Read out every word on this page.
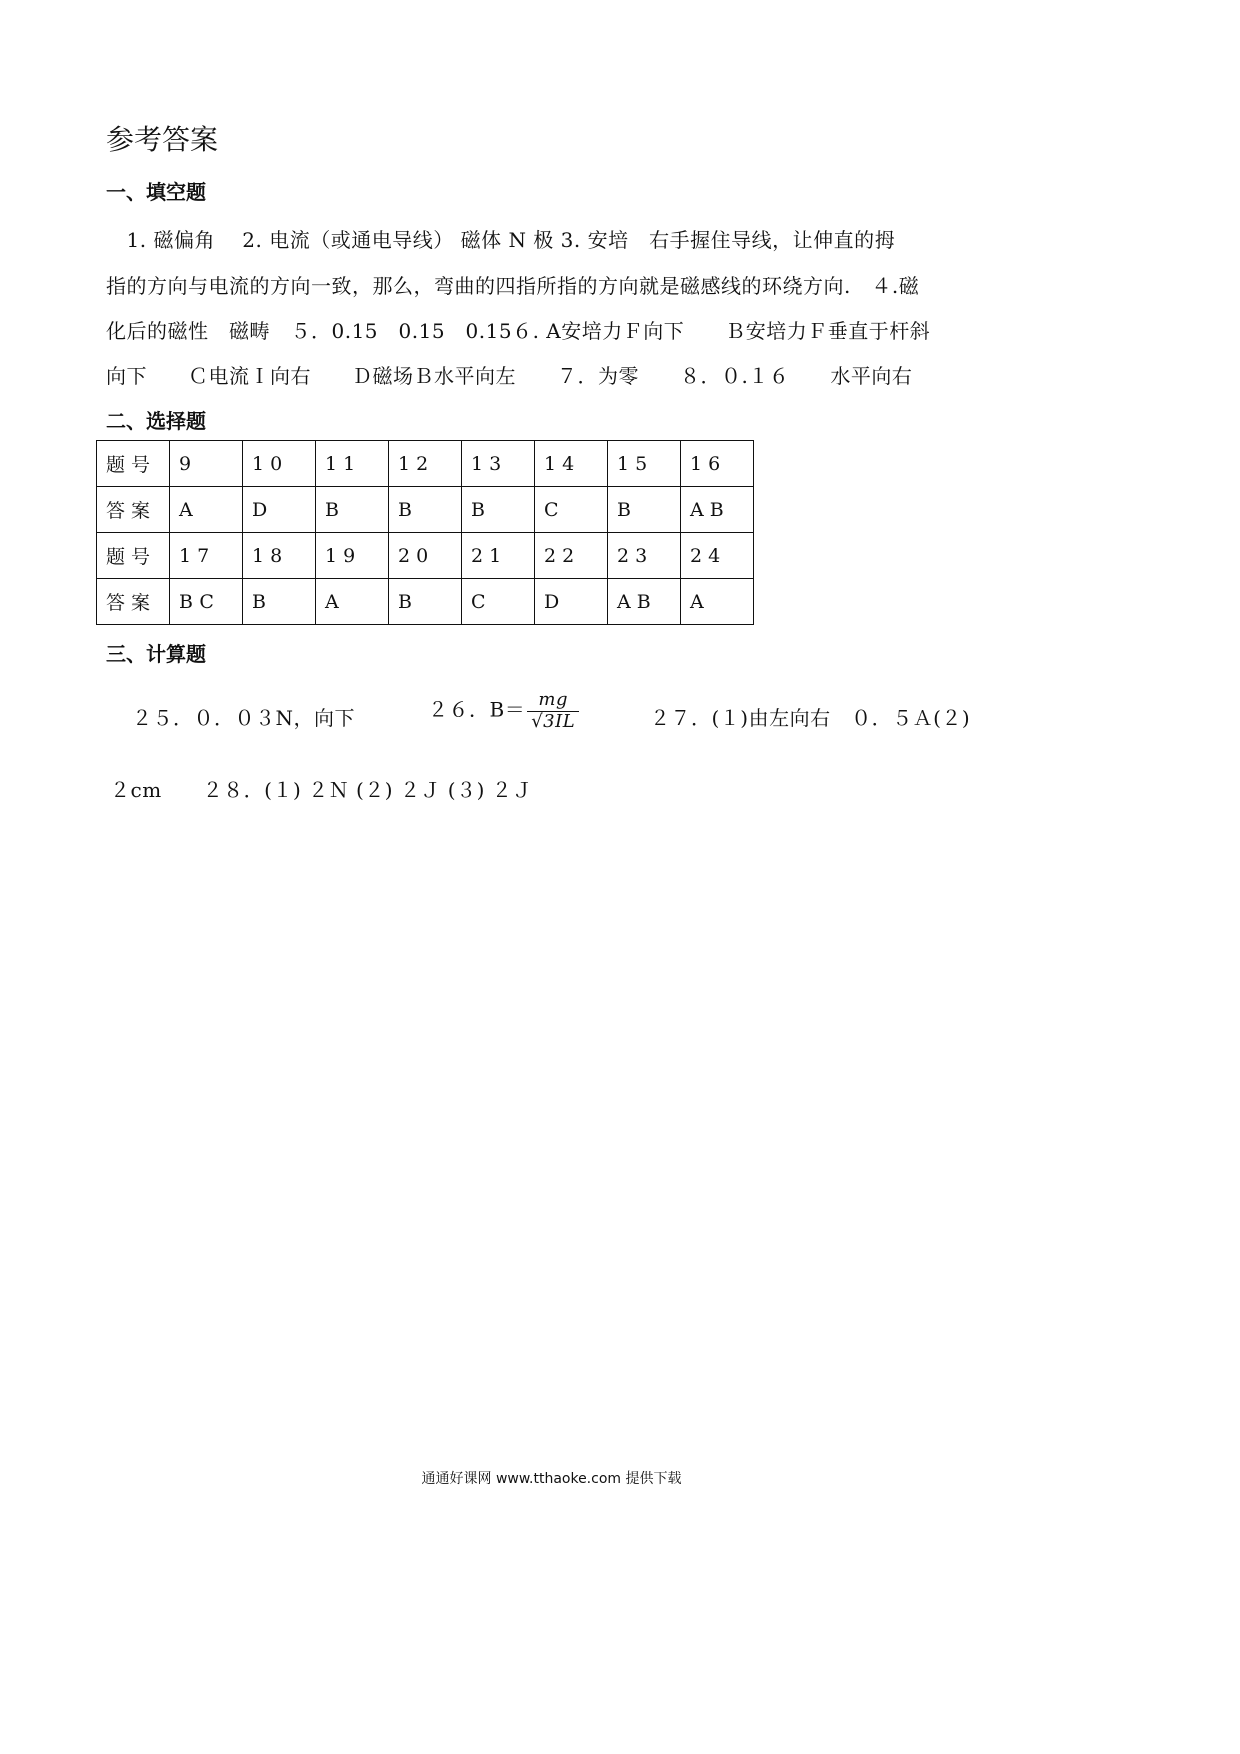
参考答案
一、填空题
　1. 磁偏角　 2. 电流（或通电导线） 磁体 N 极 3. 安培　右手握住导线，让伸直的拇
指的方向与电流的方向一致，那么，弯曲的四指所指的方向就是磁感线的环绕方向.　４.磁
化后的磁性　磁畴　５．0.15　0.15　0.15６. A安培力Ｆ向下　　Ｂ安培力Ｆ垂直于杆斜
向下　　Ｃ电流Ｉ向右　　Ｄ磁场Ｂ水平向左　　７．为零　　８．０.１６　　水平向右
二、选择题
题号	9	10	11	12	13	14	15	16
答案	A	D	B	B	B	C	B	AB
题号	17	18	19	20	21	22	23	24
答案	BC	B	A	B	C	D	AB	A
三、计算题
２５．０．０３N，向下	２６．$B= \frac{mg}{√3IL}$	２７．(１)由左向右　０．５Ａ(２)
２cm　　２８．(１) ２Ｎ (２) ２Ｊ (３) ２Ｊ
通通好课网 www.tthaoke.com 提供下载
